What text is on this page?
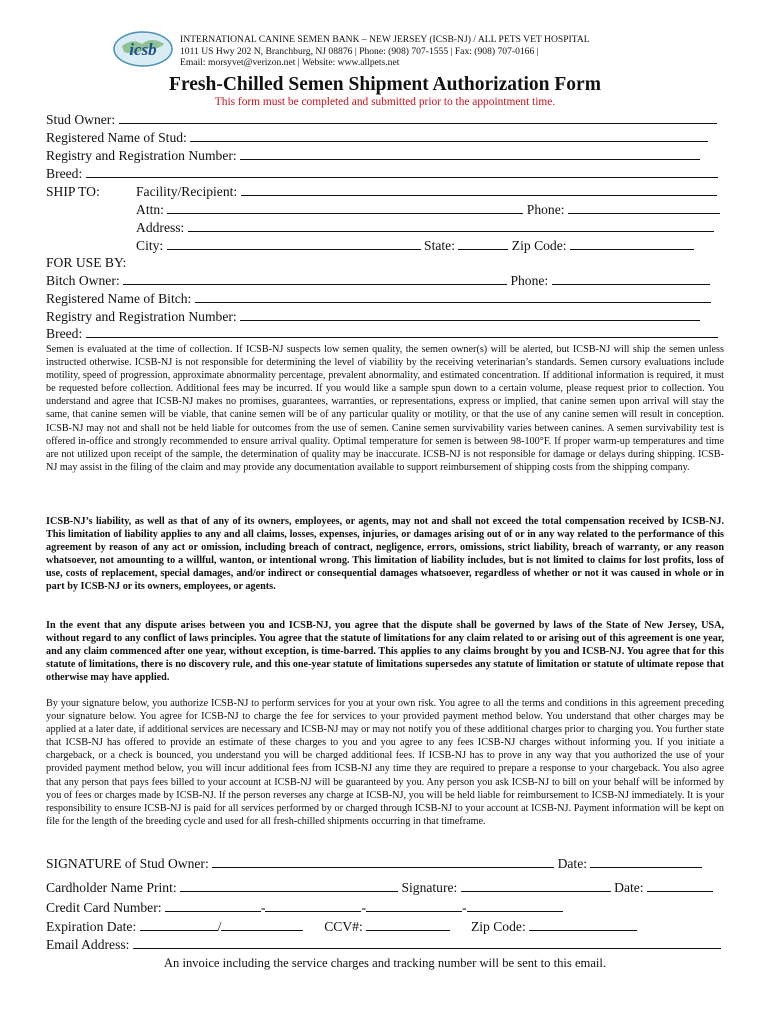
icsb
INTERNATIONAL CANINE SEMEN BANK – NEW JERSEY (ICSB-NJ) / ALL PETS VET HOSPITAL
1011 US Hwy 202 N, Branchburg, NJ 08876 | Phone: (908) 707-1555 | Fax: (908) 707-0166 |
Email: morsyvet@verizon.net | Website: www.allpets.net
Fresh-Chilled Semen Shipment Authorization Form
This form must be completed and submitted prior to the appointment time.
Stud Owner:
Registered Name of Stud:
Registry and Registration Number:
Breed:
SHIP TO:	Facility/Recipient:
Attn:	Phone:
Address:
City:	State:	Zip Code:
FOR USE BY:
Bitch Owner:	Phone:
Registered Name of Bitch:
Registry and Registration Number:
Breed:
Semen is evaluated at the time of collection. If ICSB-NJ suspects low semen quality, the semen owner(s) will be alerted, but ICSB-NJ will ship the semen unless instructed otherwise. ICSB-NJ is not responsible for determining the level of viability by the receiving veterinarian’s standards. Semen cursory evaluations include motility, speed of progression, approximate abnormality percentage, prevalent abnormality, and estimated concentration. If additional information is required, it must be requested before collection. Additional fees may be incurred. If you would like a sample spun down to a certain volume, please request prior to collection. You understand and agree that ICSB-NJ makes no promises, guarantees, warranties, or representations, express or implied, that canine semen upon arrival will stay the same, that canine semen will be viable, that canine semen will be of any particular quality or motility, or that the use of any canine semen will result in conception. ICSB-NJ may not and shall not be held liable for outcomes from the use of semen. Canine semen survivability varies between canines. A semen survivability test is offered in-office and strongly recommended to ensure arrival quality. Optimal temperature for semen is between 98-100°F. If proper warm-up temperatures and time are not utilized upon receipt of the sample, the determination of quality may be inaccurate. ICSB-NJ is not responsible for damage or delays during shipping. ICSB-NJ may assist in the filing of the claim and may provide any documentation available to support reimbursement of shipping costs from the shipping company.
ICSB-NJ’s liability, as well as that of any of its owners, employees, or agents, may not and shall not exceed the total compensation received by ICSB-NJ. This limitation of liability applies to any and all claims, losses, expenses, injuries, or damages arising out of or in any way related to the performance of this agreement by reason of any act or omission, including breach of contract, negligence, errors, omissions, strict liability, breach of warranty, or any reason whatsoever, not amounting to a willful, wanton, or intentional wrong. This limitation of liability includes, but is not limited to claims for lost profits, loss of use, costs of replacement, special damages, and/or indirect or consequential damages whatsoever, regardless of whether or not it was caused in whole or in part by ICSB-NJ or its owners, employees, or agents.
In the event that any dispute arises between you and ICSB-NJ, you agree that the dispute shall be governed by laws of the State of New Jersey, USA, without regard to any conflict of laws principles. You agree that the statute of limitations for any claim related to or arising out of this agreement is one year, and any claim commenced after one year, without exception, is time-barred. This applies to any claims brought by you and ICSB-NJ. You agree that for this statute of limitations, there is no discovery rule, and this one-year statute of limitations supersedes any statute of limitation or statute of ultimate repose that otherwise may have applied.
By your signature below, you authorize ICSB-NJ to perform services for you at your own risk. You agree to all the terms and conditions in this agreement preceding your signature below. You agree for ICSB-NJ to charge the fee for services to your provided payment method below. You understand that other charges may be applied at a later date, if additional services are necessary and ICSB-NJ may or may not notify you of these additional charges prior to charging you. You further state that ICSB-NJ has offered to provide an estimate of these charges to you and you agree to any fees ICSB-NJ charges without informing you. If you initiate a chargeback, or a check is bounced, you understand you will be charged additional fees. If ICSB-NJ has to prove in any way that you authorized the use of your provided payment method below, you will incur additional fees from ICSB-NJ any time they are required to prepare a response to your chargeback. You also agree that any person that pays fees billed to your account at ICSB-NJ will be guaranteed by you. Any person you ask ICSB-NJ to bill on your behalf will be informed by you of fees or charges made by ICSB-NJ. If the person reverses any charge at ICSB-NJ, you will be held liable for reimbursement to ICSB-NJ immediately. It is your responsibility to ensure ICSB-NJ is paid for all services performed by or charged through ICSB-NJ to your account at ICSB-NJ. Payment information will be kept on file for the length of the breeding cycle and used for all fresh-chilled shipments occurring in that timeframe.
SIGNATURE of Stud Owner:	Date:
Cardholder Name Print:	Signature:	Date:
Credit Card Number:	-	-	-
Expiration Date:	/	CCV#:	Zip Code:
Email Address:
An invoice including the service charges and tracking number will be sent to this email.
